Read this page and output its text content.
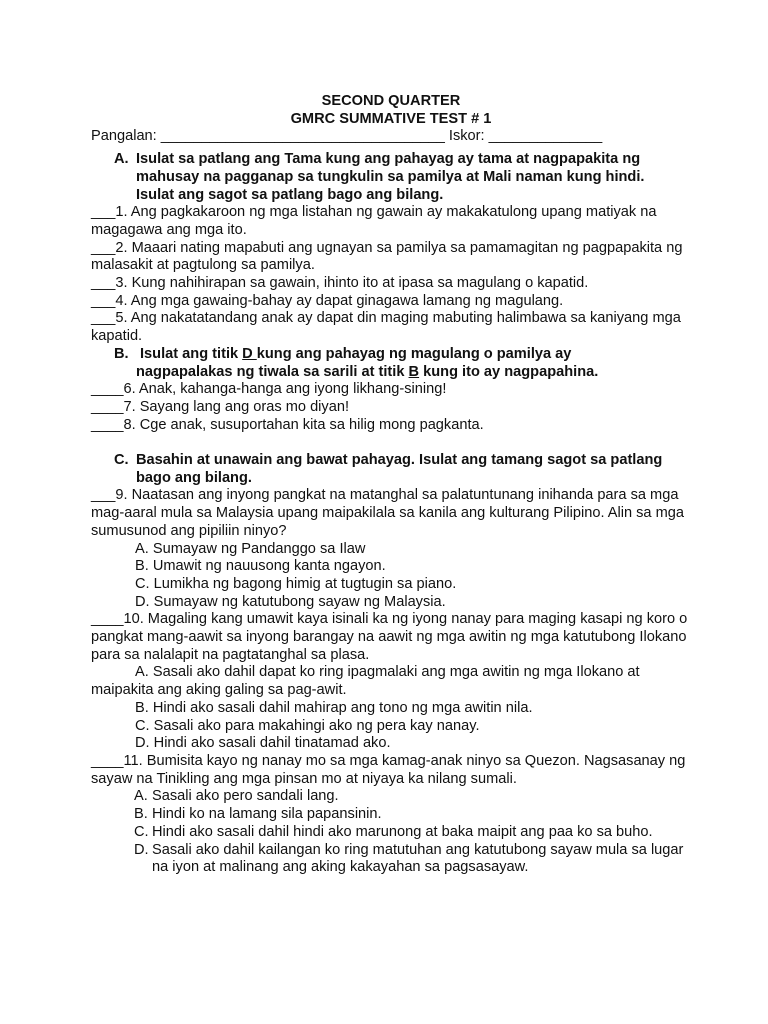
SECOND QUARTER
GMRC SUMMATIVE TEST # 1
Pangalan: ___________________________________ Iskor: ______________
A. Isulat sa patlang ang Tama kung ang pahayag ay tama at nagpapakita ng mahusay na pagganap sa tungkulin sa pamilya at Mali naman kung hindi. Isulat ang sagot sa patlang bago ang bilang.
___1. Ang pagkakaroon ng mga listahan ng gawain ay makakatulong upang matiyak na magagawa ang mga ito.
___2. Maaari nating mapabuti ang ugnayan sa pamilya sa pamamagitan ng pagpapakita ng malasakit at pagtulong sa pamilya.
___3. Kung nahihirapan sa gawain, ihinto ito at ipasa sa magulang o kapatid.
___4. Ang mga gawaing-bahay ay dapat ginagawa lamang ng magulang.
___5. Ang nakatatandang anak ay dapat din maging mabuting halimbawa sa kaniyang mga kapatid.
B. Isulat ang titik D kung ang pahayag ng magulang o pamilya ay nagpapalakas ng tiwala sa sarili at titik B kung ito ay nagpapahina.
____6. Anak, kahanga-hanga ang iyong likhang-sining!
____7. Sayang lang ang oras mo diyan!
____8. Cge anak, susuportahan kita sa hilig mong pagkanta.
C. Basahin at unawain ang bawat pahayag. Isulat ang tamang sagot sa patlang bago ang bilang.
___9. Naatasan ang inyong pangkat na matanghal sa palatuntunang inihanda para sa mga mag-aaral mula sa Malaysia upang maipakilala sa kanila ang kulturang Pilipino. Alin sa mga sumusunod ang pipiliin ninyo?
A. Sumayaw ng Pandanggo sa Ilaw
B. Umawit ng nauusong kanta ngayon.
C. Lumikha ng bagong himig at tugtugin sa piano.
D. Sumayaw ng katutubong sayaw ng Malaysia.
____10. Magaling kang umawit kaya isinali ka ng iyong nanay para maging kasapi ng koro o pangkat mang-aawit sa inyong barangay na aawit ng mga awitin ng mga katutubong Ilokano para sa nalalapit na pagtatanghal sa plasa.
A. Sasali ako dahil dapat ko ring ipagmalaki ang mga awitin ng mga Ilokano at maipakita ang aking galing sa pag-awit.
B. Hindi ako sasali dahil mahirap ang tono ng mga awitin nila.
C. Sasali ako para makahingi ako ng pera kay nanay.
D. Hindi ako sasali dahil tinatamad ako.
____11. Bumisita kayo ng nanay mo sa mga kamag-anak ninyo sa Quezon. Nagsasanay ng sayaw na Tinikling ang mga pinsan mo at niyaya ka nilang sumali.
A. Sasali ako pero sandali lang.
B. Hindi ko na lamang sila papansinin.
C. Hindi ako sasali dahil hindi ako marunong at baka maipit ang paa ko sa buho.
D. Sasali ako dahil kailangan ko ring matutuhan ang katutubong sayaw mula sa lugar na iyon at malinang ang aking kakayahan sa pagsasayaw.
